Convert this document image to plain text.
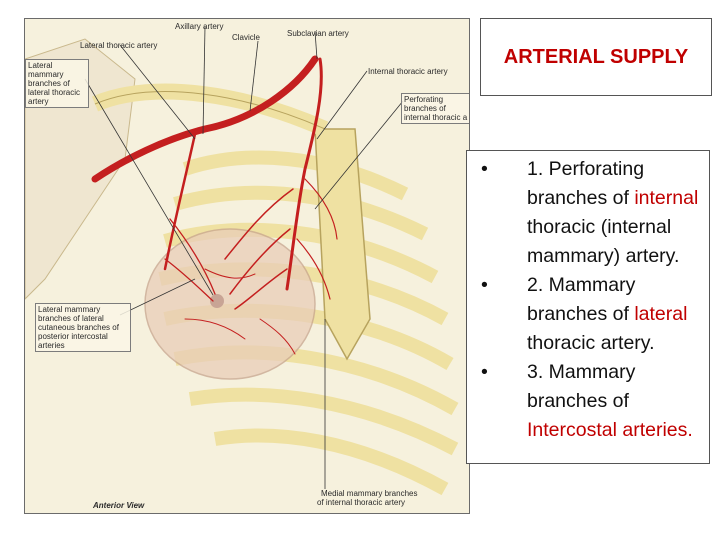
Axillary artery
Subclavian artery
Clavicle
Lateral thoracic artery
Lateral mammary branches of lateral thoracic artery
Internal thoracic artery
Perforating branches of internal thoracic a
Lateral mammary branches of lateral cutaneous branches of posterior intercostal arteries
Medial mammary branches
of internal thoracic artery
Anterior View
ARTERIAL SUPPLY
• 1. Perforating branches of internal thoracic (internal mammary) artery.
• 2. Mammary branches of lateral thoracic artery.
• 3. Mammary branches of Intercostal arteries.
